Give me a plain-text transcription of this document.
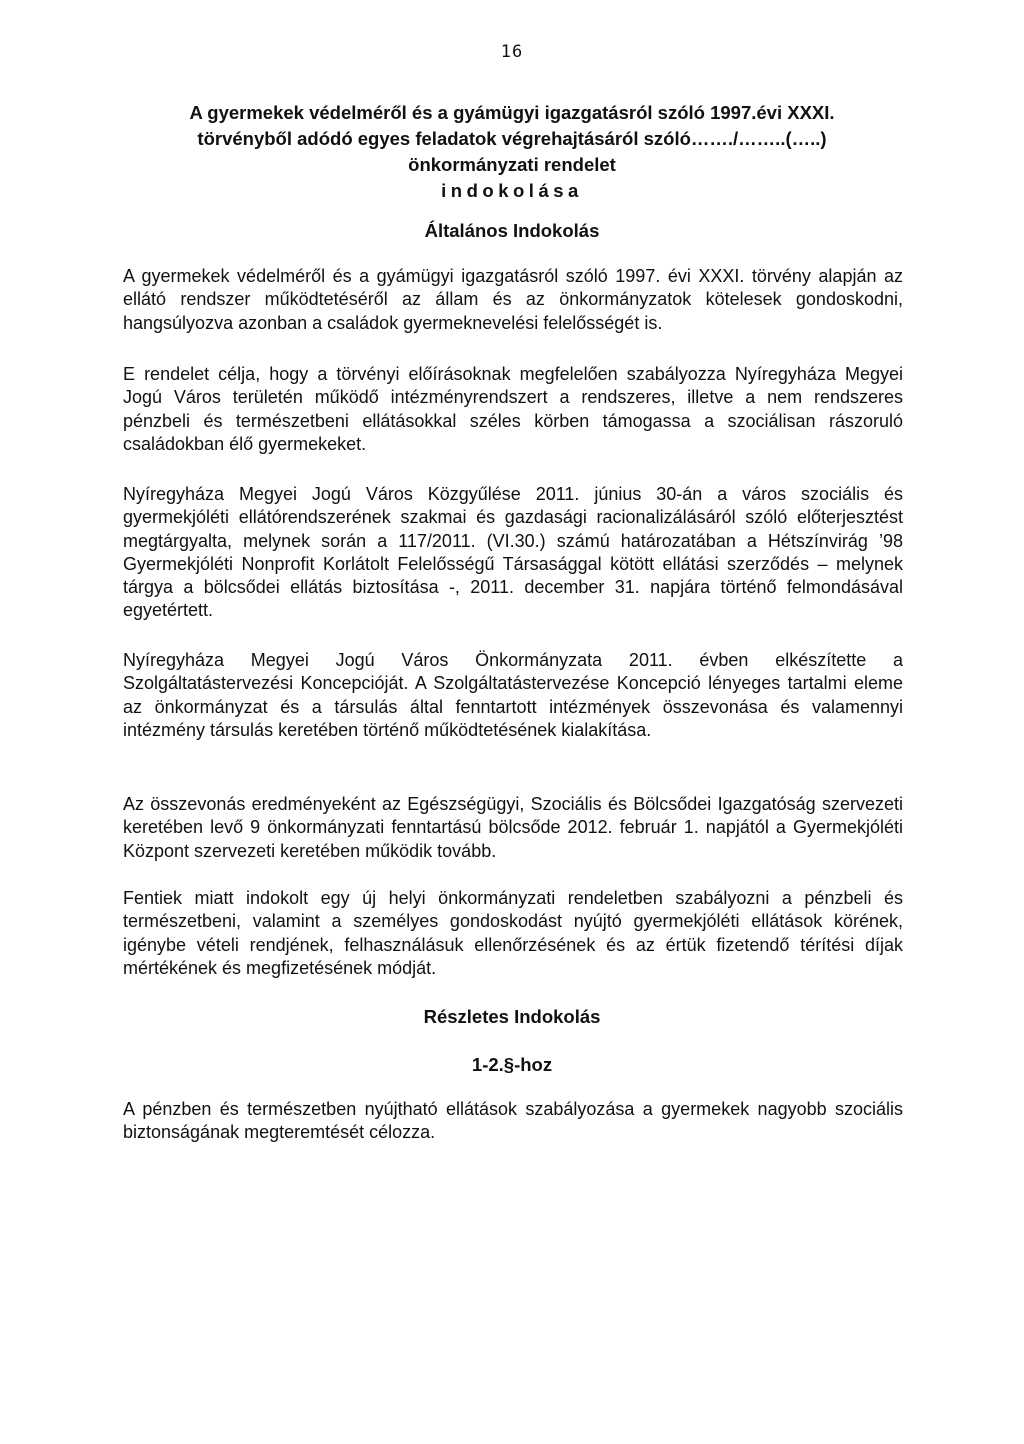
16
A gyermekek védelméről és a gyámügyi igazgatásról szóló 1997.évi XXXI.
törvényből adódó egyes feladatok végrehajtásáról szóló……./……..(…..)
önkormányzati rendelet
indokolása
Általános Indokolás
A gyermekek védelméről és a gyámügyi igazgatásról szóló 1997. évi XXXI. törvény alapján az ellátó rendszer működtetéséről az állam és az önkormányzatok kötelesek gondoskodni, hangsúlyozva azonban a családok gyermeknevelési felelősségét is.
E rendelet célja, hogy a törvényi előírásoknak megfelelően szabályozza Nyíregyháza Megyei Jogú Város területén működő intézményrendszert a rendszeres, illetve a nem rendszeres pénzbeli és természetbeni ellátásokkal széles körben támogassa a szociálisan rászoruló családokban élő gyermekeket.
Nyíregyháza Megyei Jogú Város Közgyűlése 2011. június 30-án a város szociális és gyermekjóléti ellátórendszerének szakmai és gazdasági racionalizálásáról szóló előterjesztést megtárgyalta, melynek során a 117/2011. (VI.30.) számú határozatában a Hétszínvirág ’98 Gyermekjóléti Nonprofit Korlátolt Felelősségű Társasággal kötött ellátási szerződés – melynek tárgya a bölcsődei ellátás biztosítása -, 2011. december 31. napjára történő felmondásával egyetértett.
Nyíregyháza Megyei Jogú Város Önkormányzata 2011. évben elkészítette a Szolgáltatástervezési Koncepcióját. A Szolgáltatástervezése Koncepció lényeges tartalmi eleme az önkormányzat és a társulás által fenntartott intézmények összevonása és valamennyi intézmény társulás keretében történő működtetésének kialakítása.
Az összevonás eredményeként az Egészségügyi, Szociális és Bölcsődei Igazgatóság szervezeti keretében levő 9 önkormányzati fenntartású bölcsőde 2012. február 1. napjától a Gyermekjóléti Központ szervezeti keretében működik tovább.
Fentiek miatt indokolt egy új helyi önkormányzati rendeletben szabályozni a pénzbeli és természetbeni, valamint a személyes gondoskodást nyújtó gyermekjóléti ellátások körének, igénybe vételi rendjének, felhasználásuk ellenőrzésének és az értük fizetendő térítési díjak mértékének és megfizetésének módját.
Részletes Indokolás
1-2.§-hoz
A pénzben és természetben nyújtható ellátások szabályozása a gyermekek nagyobb szociális biztonságának megteremtését célozza.
